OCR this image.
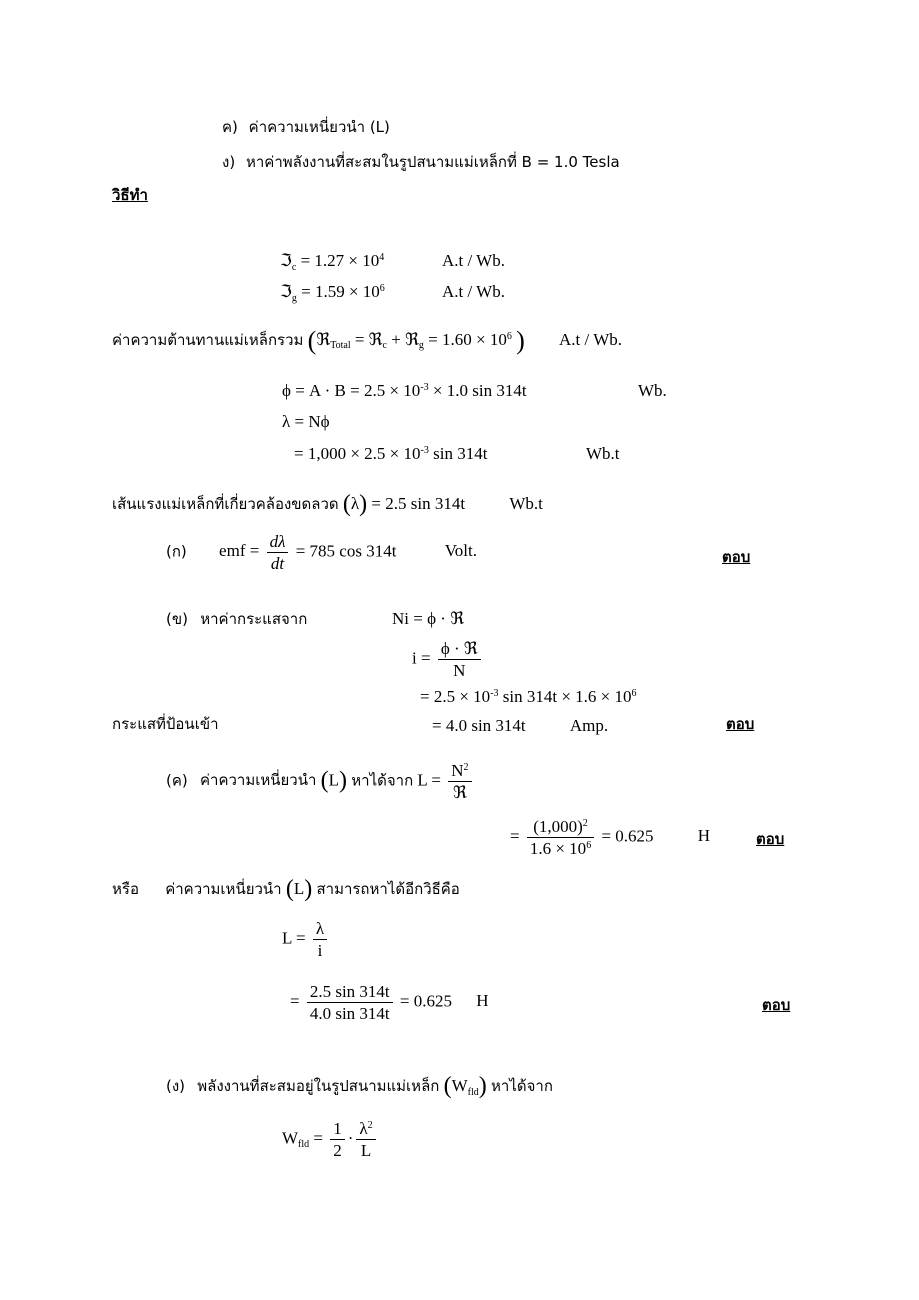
ค) ค่าความเหนี่ยวนำ (L)
ง) หาค่าพลังงานที่สะสมในรูปสนามแม่เหล็กที่ B = 1.0 Tesla
วิธีทำ
ℑ$_c$ = $1.27 \times 10^4$	A.t / Wb.
ℑ$_g$ = $1.59 \times 10^6$	A.t / Wb.
ค่าความต้านทานแม่เหล็กรวม (ℜ$_{Total}$ = ℜ$_c$ + ℜ$_g$ = $1.60 \times 10^6$ ) A.t / Wb.
$\phi = A \cdot B = 2.5 \times 10^{-3} \times 1.0$ sin 314t	Wb.
λ = Nϕ
= $1,000 \times 2.5 \times 10^{-3}$ sin 314t	Wb.t
เส้นแรงแม่เหล็กที่เกี่ยวคล้องขดลวด (λ) = 2.5 sin 314t	Wb.t
(ก) emf = $\frac{d\lambda}{dt} = 785$ cos 314t	Volt.	ตอบ
(ข) หาค่ากระแสจาก	Ni = ϕ · ℜ
$i = \frac{\text{ϕ · ℜ}}{N}$
= $2.5 \times 10^{-3}$ $\sin 314t \times 1.6 \times 10^6$
กระแสที่ป้อนเข้า	= 4.0 sin 314t	Amp.	ตอบ
(ค) ค่าความเหนี่ยวนำ (L) หาได้จาก $L = \frac{N^2}{\text{ℜ}}$
= $\frac{(1,000)^2}{1.6 \times 10^6} = 0.625$	H	ตอบ
หรือ ค่าความเหนี่ยวนำ (L) สามารถหาได้อีกวิธีคือ
$L = \frac{\lambda}{i}$
= $\frac{2.5 \sin 314t}{4.0 \sin 314t} = 0.625$ H	ตอบ
(ง) พลังงานที่สะสมอยู่ในรูปสนามแม่เหล็ก $(W_{fld})$ หาได้จาก
$W_{fld} = \frac{1}{2} \cdot \frac{\lambda^2}{L}$
